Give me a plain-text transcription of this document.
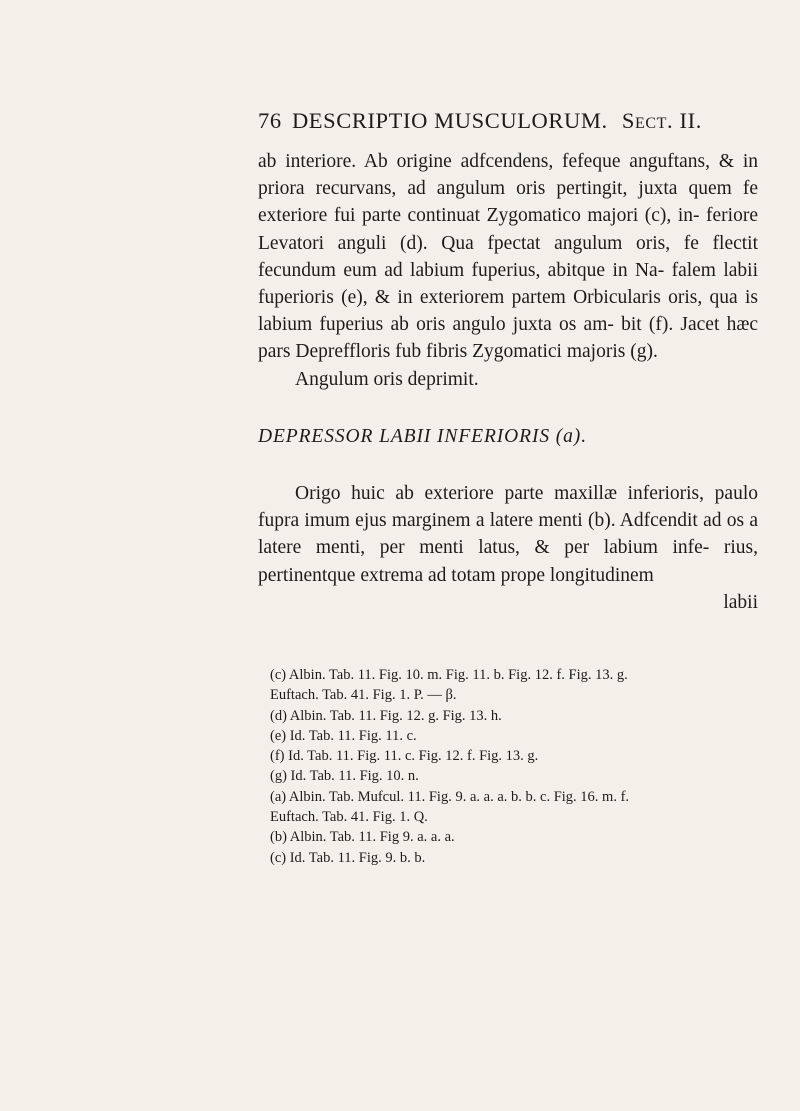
76 DESCRIPTIO MUSCULORUM. Sect. II.

ab interiore. Ab origine adfcendens, fefeque anguftans, & in priora recurvans, ad angulum oris pertingit, juxta quem fe exteriore fui parte continuat Zygomatico majori (c), in- feriore Levatori anguli (d). Qua fpectat angulum oris, fe flectit fecundum eum ad labium fuperius, abitque in Na- falem labii fuperioris (e), & in exteriorem partem Orbicularis oris, qua is labium fuperius ab oris angulo juxta os am- bit (f). Jacet hæc pars Depreffloris fub fibris Zygomatici majoris (g).

Angulum oris deprimit.

DEPRESSOR LABII INFERIORIS (a).

Origo huic ab exteriore parte maxillæ inferioris, paulo fupra imum ejus marginem a latere menti (b). Adfcendit ad os a latere menti, per menti latus, & per labium infe- rius, pertinentque extrema ad totam prope longitudinem

labii

(c) Albin. Tab. 11. Fig. 10. m. Fig. 11. b. Fig. 12. f. Fig. 13. g.
Euftach. Tab. 41. Fig. 1. P. — β.
(d) Albin. Tab. 11. Fig. 12. g. Fig. 13. h.
(e) Id. Tab. 11. Fig. 11. c.
(f) Id. Tab. 11. Fig. 11. c. Fig. 12. f. Fig. 13. g.
(g) Id. Tab. 11. Fig. 10. n.
(a) Albin. Tab. Mufcul. 11. Fig. 9. a. a. a. b. b. c. Fig. 16. m. f.
Euftach. Tab. 41. Fig. 1. Q.
(b) Albin. Tab. 11. Fig 9. a. a. a.
(c) Id. Tab. 11. Fig. 9. b. b.
